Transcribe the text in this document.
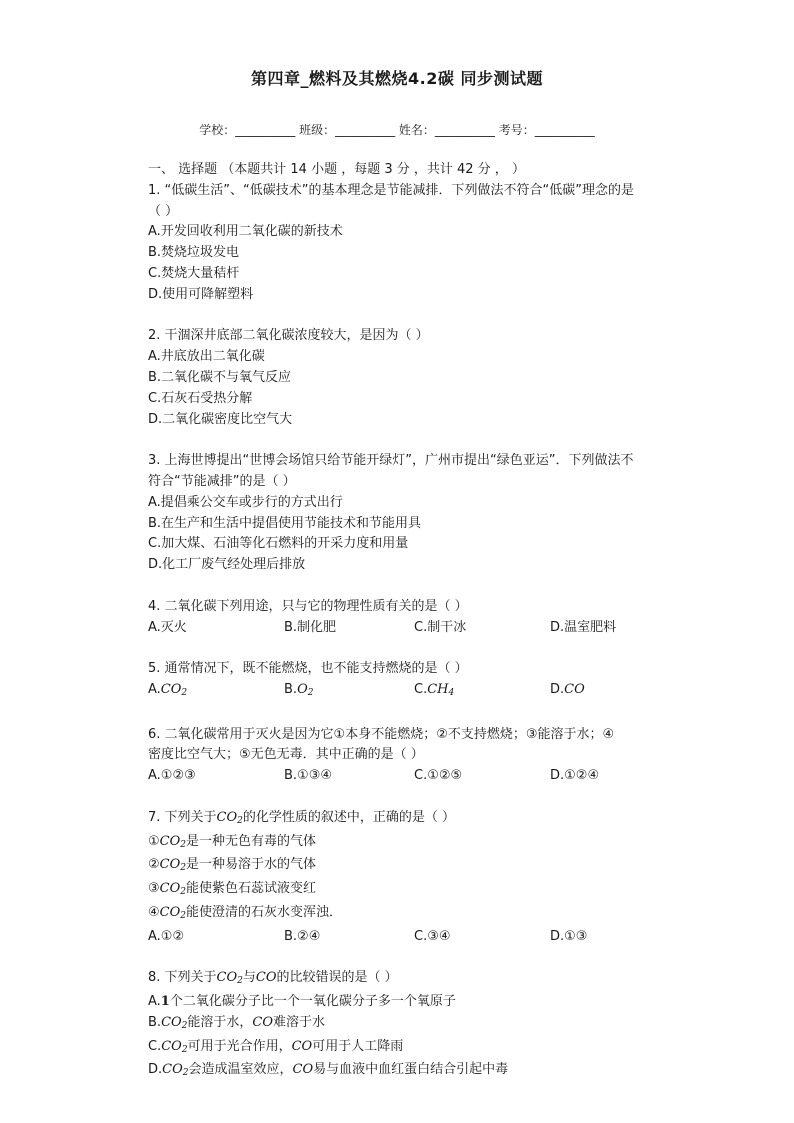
第四章_燃料及其燃烧4.2碳 同步测试题
学校：__________ 班级：__________ 姓名：__________ 考号：__________
一、 选择题 （本题共计 14 小题 ，每题 3 分 ，共计 42 分 ， ）
1. “低碳生活”、“低碳技术”的基本理念是节能减排．下列做法不符合“低碳”理念的是
（ ）
A.开发回收利用二氧化碳的新技术
B.焚烧垃圾发电
C.焚烧大量秸杆
D.使用可降解塑料
2. 干涸深井底部二氧化碳浓度较大，是因为（ ）
A.井底放出二氧化碳
B.二氧化碳不与氧气反应
C.石灰石受热分解
D.二氧化碳密度比空气大
3. 上海世博提出“世博会场馆只给节能开绿灯”，广州市提出“绿色亚运”．下列做法不
符合“节能减排”的是（ ）
A.提倡乘公交车或步行的方式出行
B.在生产和生活中提倡使用节能技术和节能用具
C.加大煤、石油等化石燃料的开采力度和用量
D.化工厂废气经处理后排放
4. 二氧化碳下列用途，只与它的物理性质有关的是（ ）
A.灭火	B.制化肥	C.制干冰	D.温室肥料
5. 通常情况下，既不能燃烧，也不能支持燃烧的是（ ）
$A.CO_2$	$B.O_2$	$C.CH_4$	D.CO
6. 二氧化碳常用于灭火是因为它①本身不能燃烧；②不支持燃烧；③能溶于水；④
密度比空气大；⑤无色无毒．其中正确的是（ ）
A.①②③	B.①③④	C.①②⑤	D.①②④
7. 下列关于$CO_2$的化学性质的叙述中，正确的是（ ）
$①CO_2$是一种无色有毒的气体
$②CO_2$是一种易溶于水的气体
$③CO_2$能使紫色石蕊试液变红
$④CO_2$能使澄清的石灰水变浑浊．
A.①②	B.②④	C.③④	D.①③
8. 下列关于$CO_2$与CO的比较错误的是（ ）
A.1个二氧化碳分子比一个一氧化碳分子多一个氧原子
$B.CO_2$能溶于水，CO难溶于水
$C.CO_2$可用于光合作用，CO可用于人工降雨
$D.CO_2$会造成温室效应，CO易与血液中血红蛋白结合引起中毒
